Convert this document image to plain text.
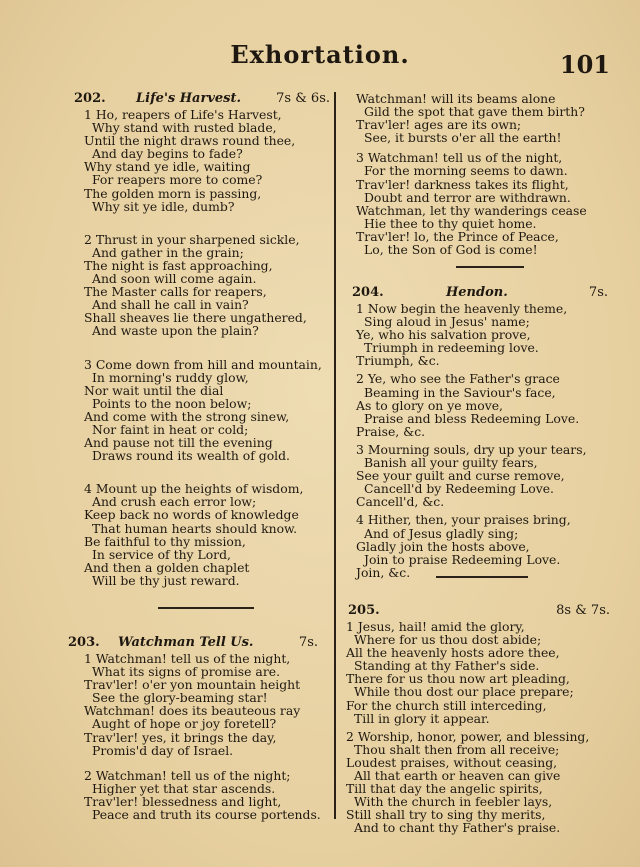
Exhortation.	101
202. Life's Harvest.	7s & 6s.
1 Ho, reapers of Life's Harvest,
Why stand with rusted blade,
Until the night draws round thee,
And day begins to fade?
Why stand ye idle, waiting
For reapers more to come?
The golden morn is passing,
Why sit ye idle, dumb?
2 Thrust in your sharpened sickle,
And gather in the grain;
The night is fast approaching,
And soon will come again.
The Master calls for reapers,
And shall he call in vain?
Shall sheaves lie there ungathered,
And waste upon the plain?
3 Come down from hill and mountain,
In morning's ruddy glow,
Nor wait until the dial
Points to the noon below;
And come with the strong sinew,
Nor faint in heat or cold;
And pause not till the evening
Draws round its wealth of gold.
4 Mount up the heights of wisdom,
And crush each error low;
Keep back no words of knowledge
That human hearts should know.
Be faithful to thy mission,
In service of thy Lord,
And then a golden chaplet
Will be thy just reward.
203. Watchman Tell Us.	7s.
1 Watchman! tell us of the night,
What its signs of promise are.
Trav'ler! o'er yon mountain height
See the glory-beaming star!
Watchman! does its beauteous ray
Aught of hope or joy foretell?
Trav'ler! yes, it brings the day,
Promis'd day of Israel.
2 Watchman! tell us of the night;
Higher yet that star ascends.
Trav'ler! blessedness and light,
Peace and truth its course portends.
Watchman! will its beams alone
Gild the spot that gave them birth?
Trav'ler! ages are its own;
See, it bursts o'er all the earth!
3 Watchman! tell us of the night,
For the morning seems to dawn.
Trav'ler! darkness takes its flight,
Doubt and terror are withdrawn.
Watchman, let thy wanderings cease
Hie thee to thy quiet home.
Trav'ler! lo, the Prince of Peace,
Lo, the Son of God is come!
204.	Hendon.	7s.
1 Now begin the heavenly theme,
Sing aloud in Jesus' name;
Ye, who his salvation prove,
Triumph in redeeming love.
Triumph, &c.
2 Ye, who see the Father's grace
Beaming in the Saviour's face,
As to glory on ye move,
Praise and bless Redeeming Love.
Praise, &c.
3 Mourning souls, dry up your tears,
Banish all your guilty fears,
See your guilt and curse remove,
Cancell'd by Redeeming Love.
Cancell'd, &c.
4 Hither, then, your praises bring,
And of Jesus gladly sing;
Gladly join the hosts above,
Join to praise Redeeming Love.
Join, &c.
205.	8s & 7s.
1 Jesus, hail! amid the glory,
Where for us thou dost abide;
All the heavenly hosts adore thee,
Standing at thy Father's side.
There for us thou now art pleading,
While thou dost our place prepare;
For the church still interceding,
Till in glory it appear.
2 Worship, honor, power, and blessing,
Thou shalt then from all receive;
Loudest praises, without ceasing,
All that earth or heaven can give
Till that day the angelic spirits,
With the church in feebler lays,
Still shall try to sing thy merits,
And to chant thy Father's praise.
